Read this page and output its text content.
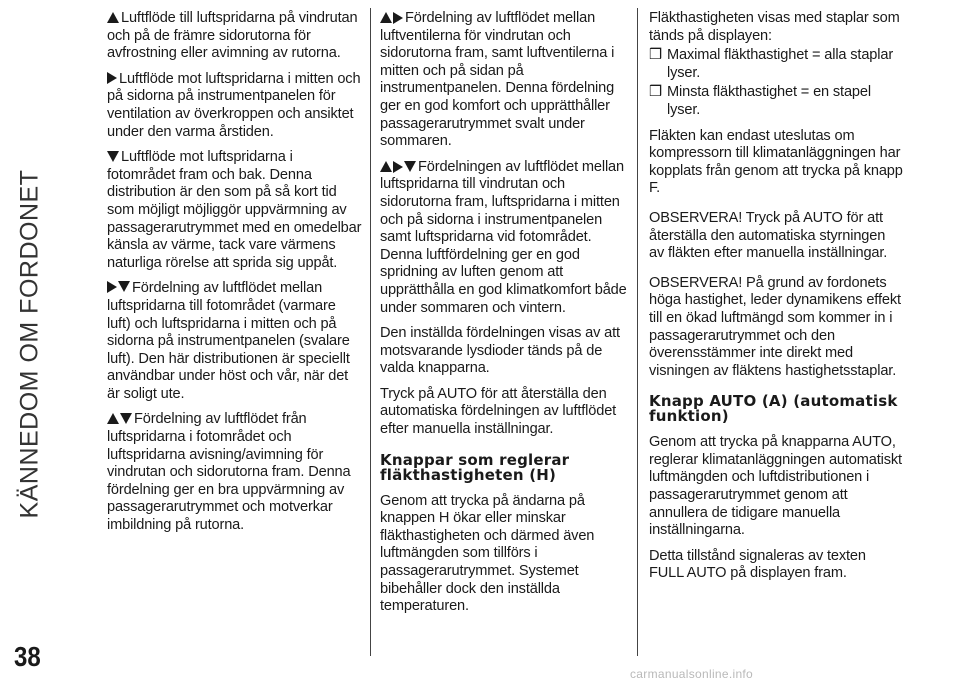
KÄNNEDOM OM FORDONET
38

Luftflöde till luftspridarna på vindrutan och på de främre sidorutorna för avfrostning eller avimning av rutorna.

Luftflöde mot luftspridarna i mitten och på sidorna på instrumentpanelen för ventilation av överkroppen och ansiktet under den varma årstiden.

Luftflöde mot luftspridarna i fotområdet fram och bak. Denna distribution är den som på så kort tid som möjligt möjliggör uppvärmning av passagerarutrymmet med en omedelbar känsla av värme, tack vare värmens naturliga rörelse att sprida sig uppåt.

Fördelning av luftflödet mellan luftspridarna till fotområdet (varmare luft) och luftspridarna i mitten och på sidorna på instrumentpanelen (svalare luft). Den här distributionen är speciellt användbar under höst och vår, när det är soligt ute.

Fördelning av luftflödet från luftspridarna i fotområdet och luftspridarna avisning/avimning för vindrutan och sidorutorna fram. Denna fördelning ger en bra uppvärmning av passagerarutrymmet och motverkar imbildning på rutorna.

Fördelning av luftflödet mellan luftventilerna för vindrutan och sidorutorna fram, samt luftventilerna i mitten och på sidan på instrumentpanelen. Denna fördelning ger en god komfort och upprätthåller passagerarutrymmet svalt under sommaren.

Fördelningen av luftflödet mellan luftspridarna till vindrutan och sidorutorna fram, luftspridarna i mitten och på sidorna i instrumentpanelen samt luftspridarna vid fotområdet. Denna luftfördelning ger en god spridning av luften genom att upprätthålla en god klimatkomfort både under sommaren och vintern.

Den inställda fördelningen visas av att motsvarande lysdioder tänds på de valda knapparna.

Tryck på AUTO för att återställa den automatiska fördelningen av luftflödet efter manuella inställningar.

Knappar som reglerar fläkthastigheten (H)

Genom att trycka på ändarna på knappen H ökar eller minskar fläkthastigheten och därmed även luftmängden som tillförs i passagerarutrymmet. Systemet bibehåller dock den inställda temperaturen.

Fläkthastigheten visas med staplar som tänds på displayen:

❒ Maximal fläkthastighet = alla staplar lyser.

❒ Minsta fläkthastighet = en stapel lyser.

Fläkten kan endast uteslutas om kompressorn till klimatanläggningen har kopplats från genom att trycka på knapp F.

OBSERVERA! Tryck på AUTO för att återställa den automatiska styrningen av fläkten efter manuella inställningar.

OBSERVERA! På grund av fordonets höga hastighet, leder dynamikens effekt till en ökad luftmängd som kommer in i passagerarutrymmet och den överensstämmer inte direkt med visningen av fläktens hastighetsstaplar.

Knapp AUTO (A) (automatisk funktion)

Genom att trycka på knapparna AUTO, reglerar klimatanläggningen automatiskt luftmängden och luftdistributionen i passagerarutrymmet genom att annullera de tidigare manuella inställningarna.

Detta tillstånd signaleras av texten FULL AUTO på displayen fram.

carmanualsonline.info
